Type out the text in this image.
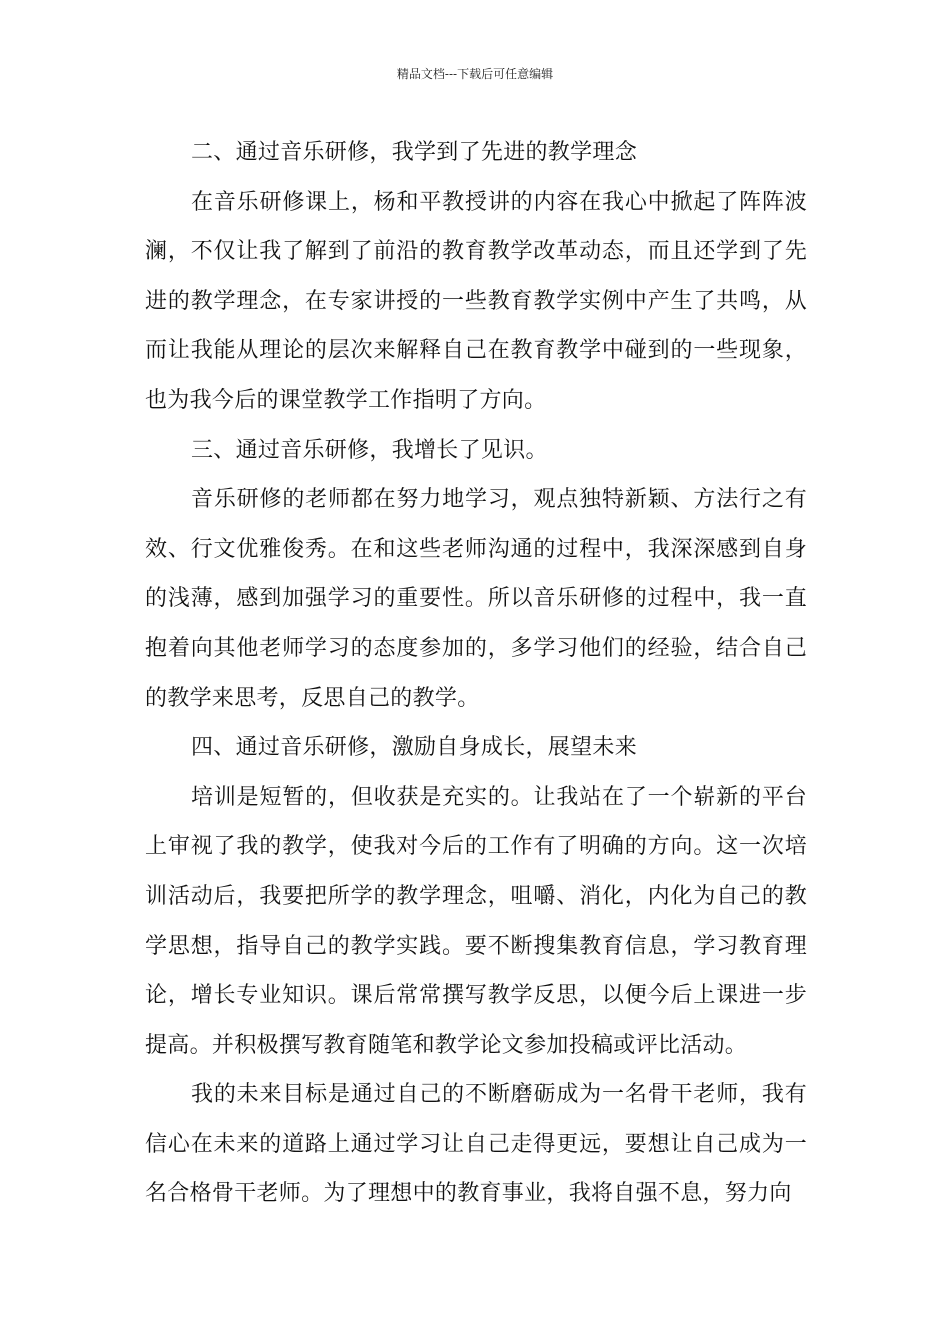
精品文档---下载后可任意编辑

二、通过音乐研修，我学到了先进的教学理念

在音乐研修课上，杨和平教授讲的内容在我心中掀起了阵阵波澜，不仅让我了解到了前沿的教育教学改革动态，而且还学到了先进的教学理念，在专家讲授的一些教育教学实例中产生了共鸣，从而让我能从理论的层次来解释自己在教育教学中碰到的一些现象，也为我今后的课堂教学工作指明了方向。

三、通过音乐研修，我增长了见识。

音乐研修的老师都在努力地学习，观点独特新颖、方法行之有效、行文优雅俊秀。在和这些老师沟通的过程中，我深深感到自身的浅薄，感到加强学习的重要性。所以音乐研修的过程中，我一直抱着向其他老师学习的态度参加的，多学习他们的经验，结合自己的教学来思考，反思自己的教学。

四、通过音乐研修，激励自身成长，展望未来

培训是短暂的，但收获是充实的。让我站在了一个崭新的平台上审视了我的教学，使我对今后的工作有了明确的方向。这一次培训活动后，我要把所学的教学理念，咀嚼、消化，内化为自己的教学思想，指导自己的教学实践。要不断搜集教育信息，学习教育理论，增长专业知识。课后常常撰写教学反思，以便今后上课进一步提高。并积极撰写教育随笔和教学论文参加投稿或评比活动。

我的未来目标是通过自己的不断磨砺成为一名骨干老师，我有信心在未来的道路上通过学习让自己走得更远，要想让自己成为一名合格骨干老师。为了理想中的教育事业，我将自强不息，努力向
